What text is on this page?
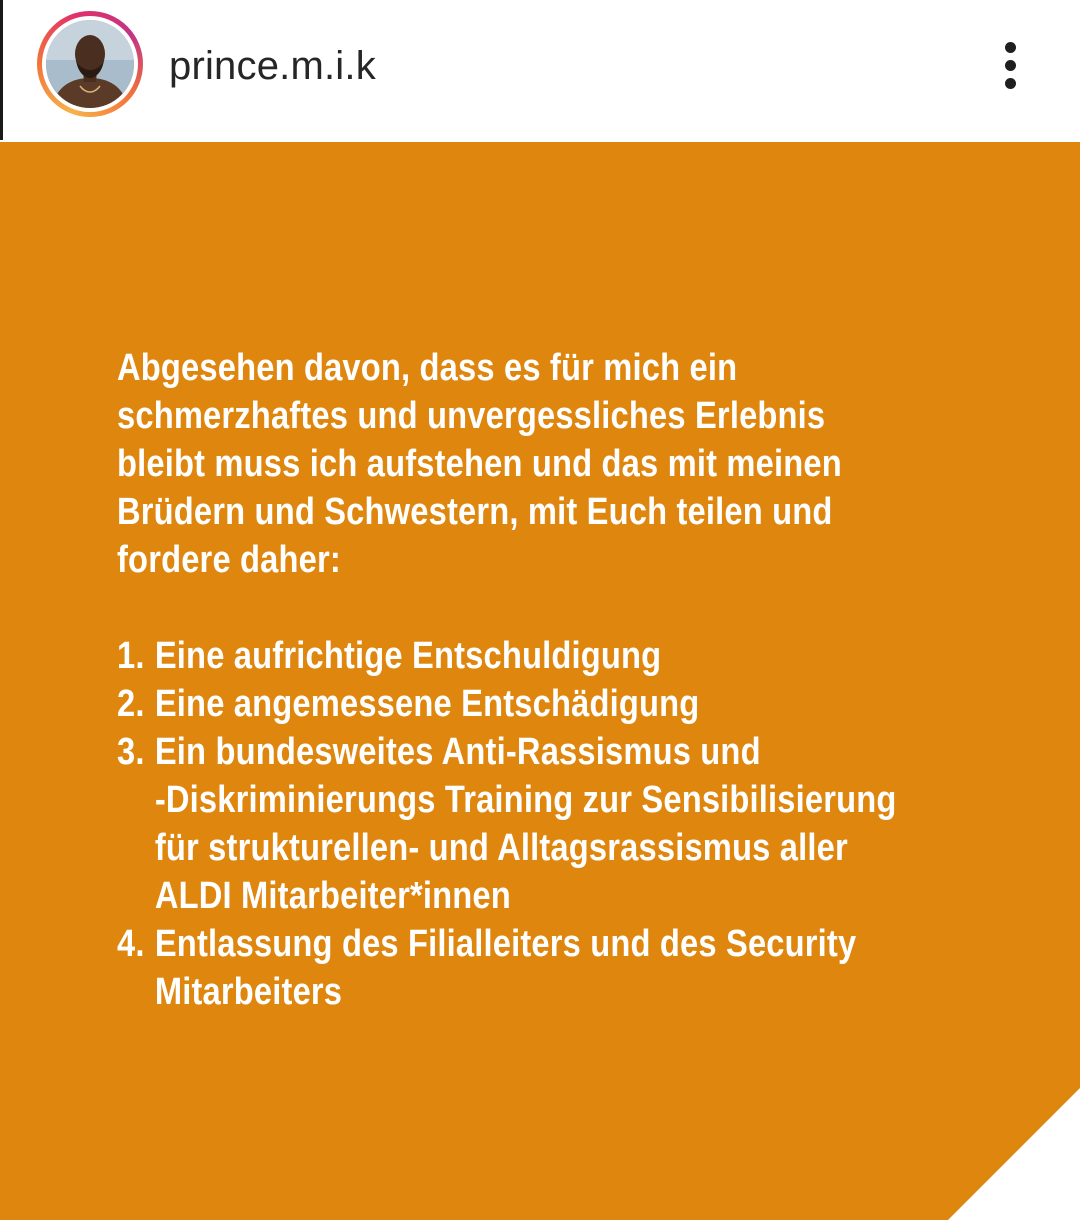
prince.m.i.k

Abgesehen davon, dass es für mich ein

schmerzhaftes und unvergessliches Erlebnis

bleibt muss ich aufstehen und das mit meinen

Brüdern und Schwestern, mit Euch teilen und

fordere daher:

1. Eine aufrichtige Entschuldigung

2. Eine angemessene Entschädigung

3. Ein bundesweites Anti-Rassismus und

-Diskriminierungs Training zur Sensibilisierung

für strukturellen- und Alltagsrassismus aller

ALDI Mitarbeiter*innen

4. Entlassung des Filialleiters und des Security

Mitarbeiters
